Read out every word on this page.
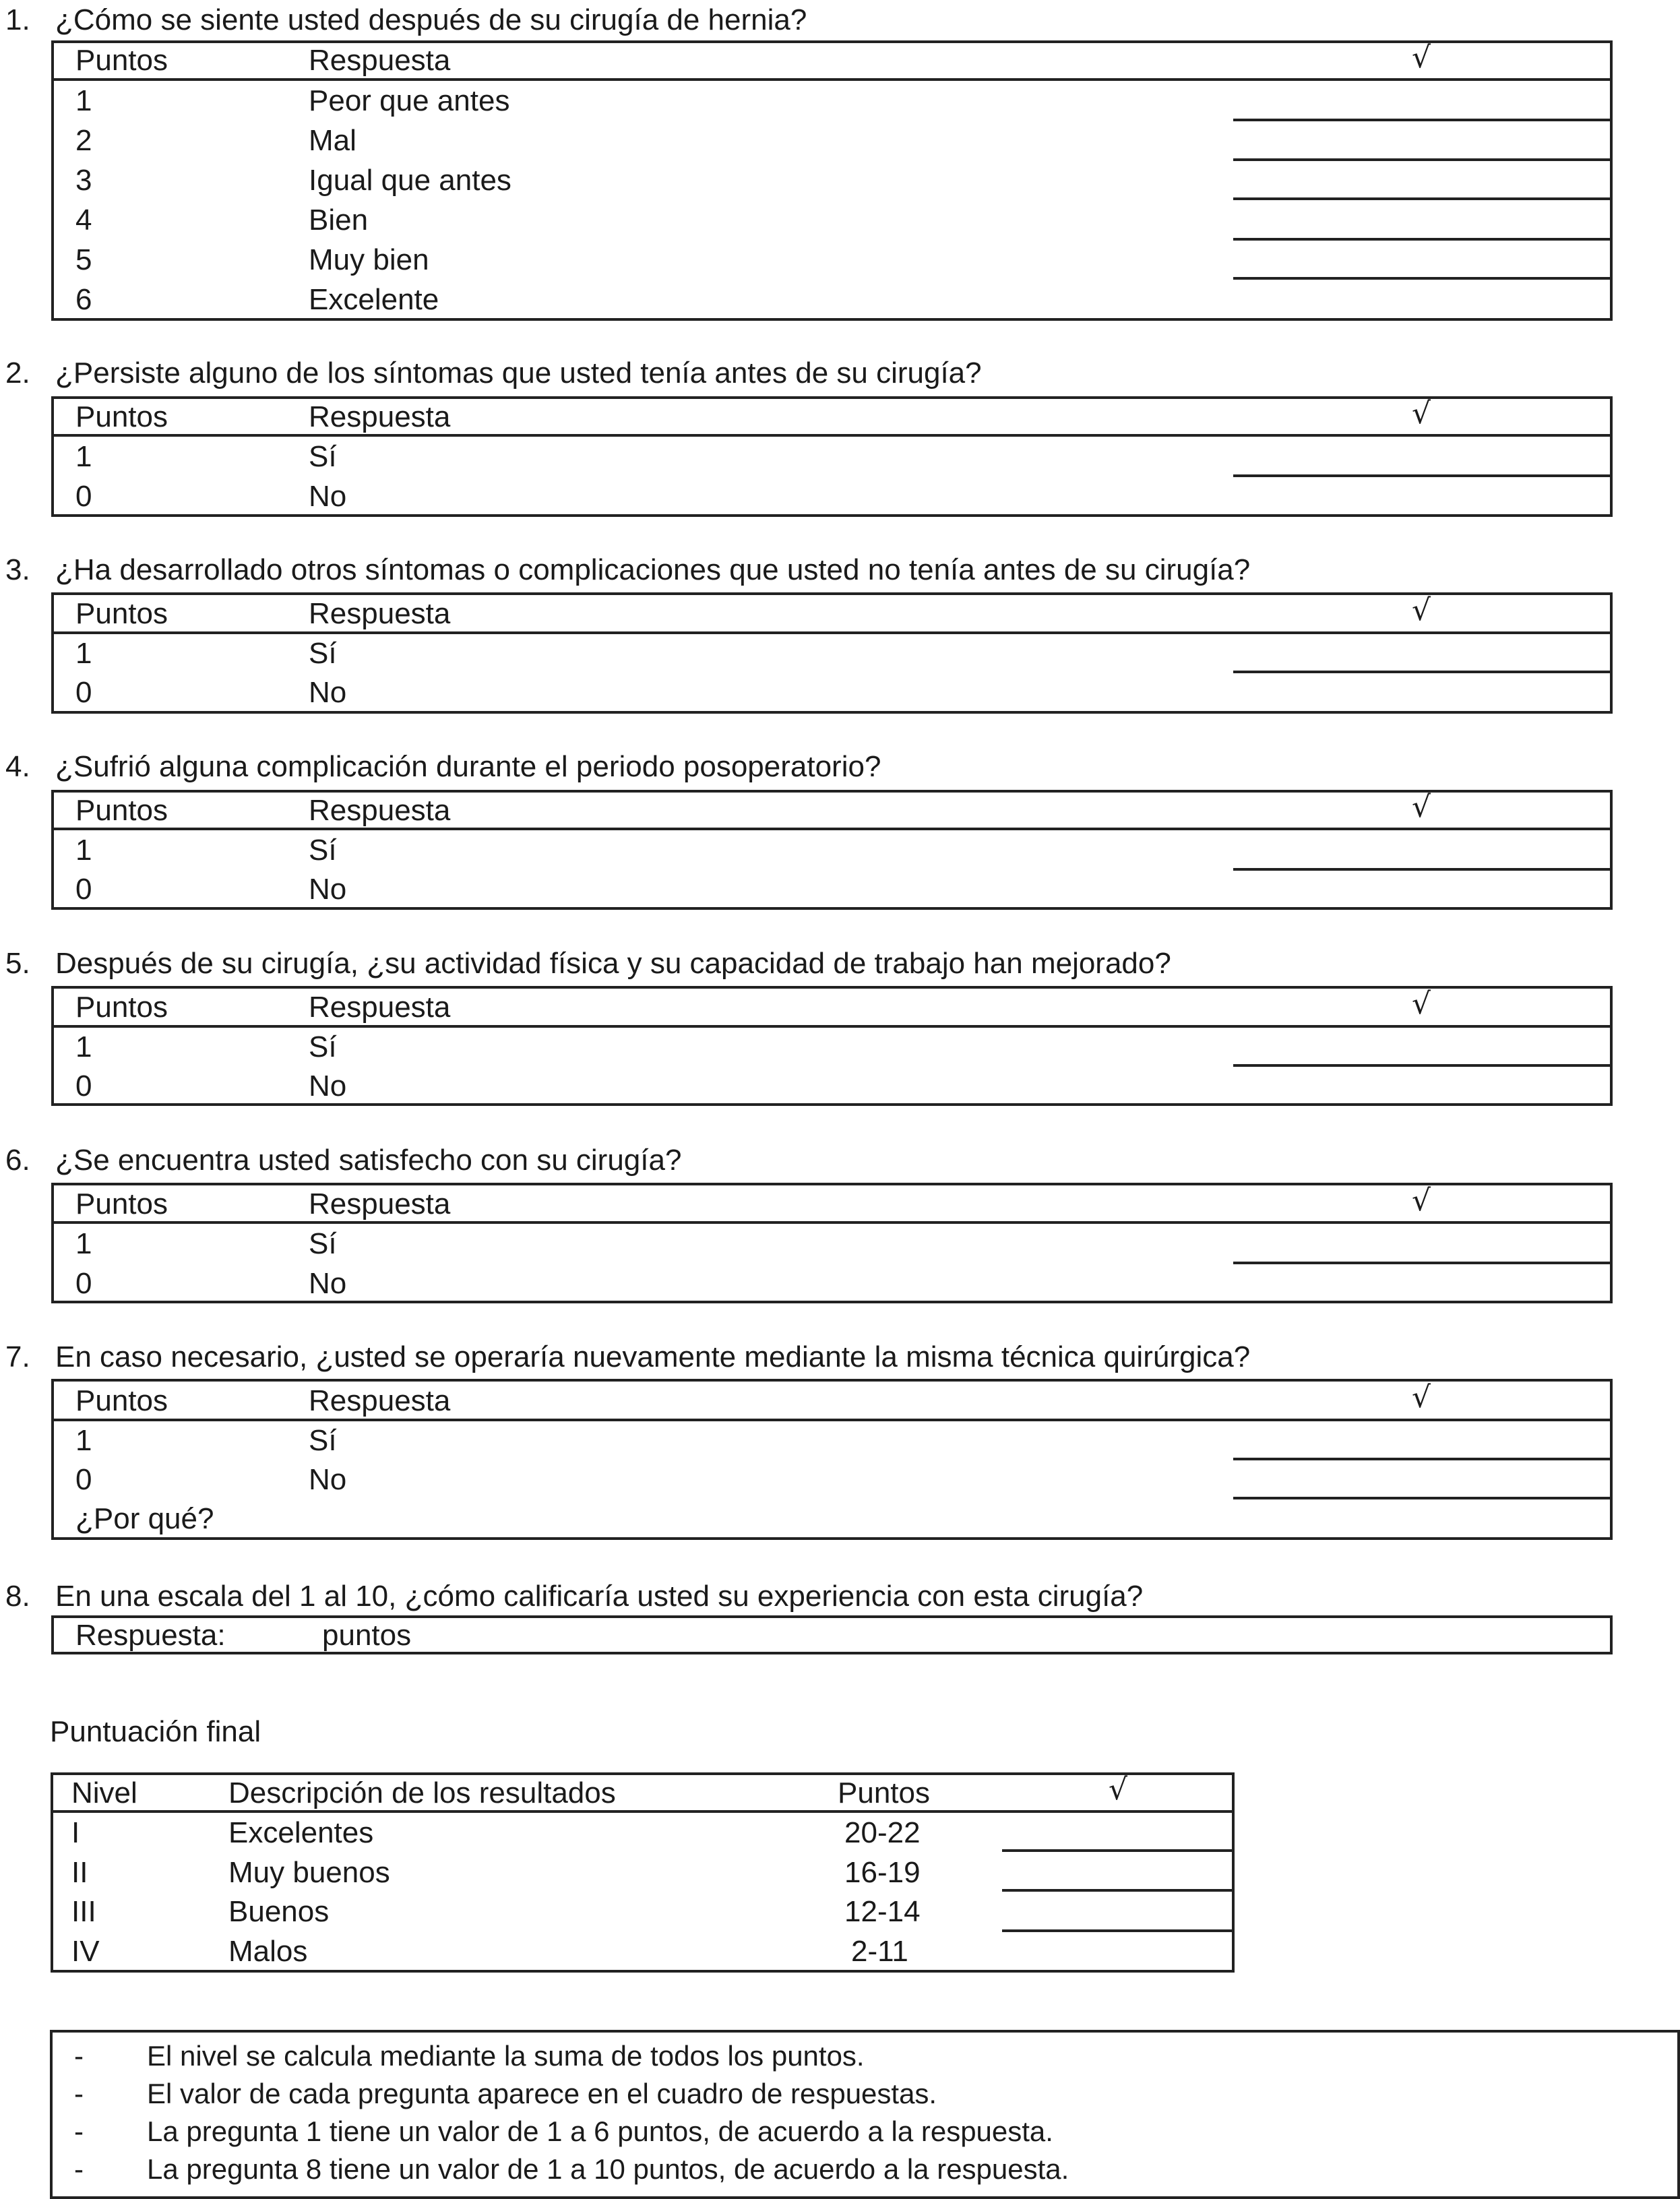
1. ¿Cómo se siente usted después de su cirugía de hernia?
Puntos	Respuesta	√
1	Peor que antes
2	Mal
3	Igual que antes
4	Bien
5	Muy bien
6	Excelente
2. ¿Persiste alguno de los síntomas que usted tenía antes de su cirugía?
Puntos	Respuesta	√
1	Sí
0	No
3. ¿Ha desarrollado otros síntomas o complicaciones que usted no tenía antes de su cirugía?
Puntos	Respuesta	√
1	Sí
0	No
4. ¿Sufrió alguna complicación durante el periodo posoperatorio?
Puntos	Respuesta	√
1	Sí
0	No
5. Después de su cirugía, ¿su actividad física y su capacidad de trabajo han mejorado?
Puntos	Respuesta	√
1	Sí
0	No
6. ¿Se encuentra usted satisfecho con su cirugía?
Puntos	Respuesta	√
1	Sí
0	No
7. En caso necesario, ¿usted se operaría nuevamente mediante la misma técnica quirúrgica?
Puntos	Respuesta	√
1	Sí
0	No
¿Por qué?
8. En una escala del 1 al 10, ¿cómo calificaría usted su experiencia con esta cirugía?
Respuesta:	puntos
Puntuación final
Nivel	Descripción de los resultados	Puntos	√
I	Excelentes	20-22
II	Muy buenos	16-19
III	Buenos	12-14
IV	Malos	2-11
- El nivel se calcula mediante la suma de todos los puntos.
- El valor de cada pregunta aparece en el cuadro de respuestas.
- La pregunta 1 tiene un valor de 1 a 6 puntos, de acuerdo a la respuesta.
- La pregunta 8 tiene un valor de 1 a 10 puntos, de acuerdo a la respuesta.
